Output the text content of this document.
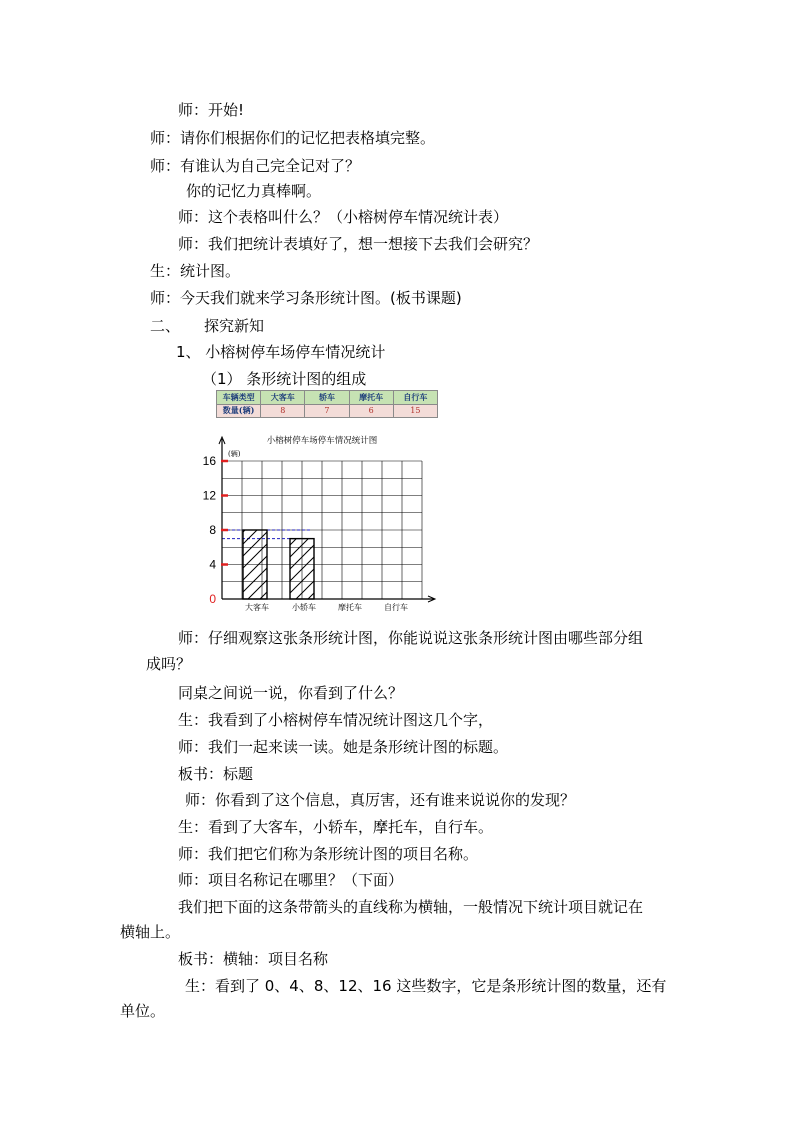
师：开始!
师：请你们根据你们的记忆把表格填完整。
师：有谁认为自己完全记对了？
你的记忆力真棒啊。
师：这个表格叫什么？（小榕树停车情况统计表）
师：我们把统计表填好了，想一想接下去我们会研究？
生：统计图。
师：今天我们就来学习条形统计图。(板书课题)
二、 探究新知
1、 小榕树停车场停车情况统计
（1） 条形统计图的组成
车辆类型	大客车	轿车	摩托车	自行车
数量(辆)	8	7	6	15
0
4
8
12
16 (辆)
小榕树停车场停车情况统计图
大客车	小轿车	摩托车	自行车
师：仔细观察这张条形统计图，你能说说这张条形统计图由哪些部分组
成吗？
同桌之间说一说，你看到了什么？
生：我看到了小榕树停车情况统计图这几个字，
师：我们一起来读一读。她是条形统计图的标题。
板书：标题
师：你看到了这个信息，真厉害，还有谁来说说你的发现？
生：看到了大客车，小轿车，摩托车，自行车。
师：我们把它们称为条形统计图的项目名称。
师：项目名称记在哪里？（下面）
我们把下面的这条带箭头的直线称为横轴，一般情况下统计项目就记在
横轴上。
板书：横轴：项目名称
生：看到了 0、4、8、12、16 这些数字，它是条形统计图的数量，还有
单位。
